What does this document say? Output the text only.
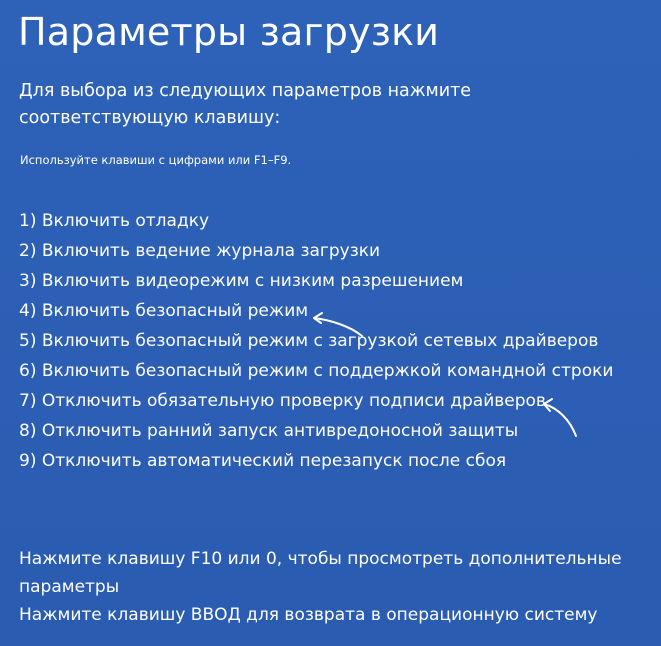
Параметры загрузки

Для выбора из следующих параметров нажмите соответствующую клавишу:

Используйте клавиши с цифрами или F1–F9.

1) Включить отладку
2) Включить ведение журнала загрузки
3) Включить видеорежим с низким разрешением
4) Включить безопасный режим
5) Включить безопасный режим с загрузкой сетевых драйверов
6) Включить безопасный режим с поддержкой командной строки
7) Отключить обязательную проверку подписи драйверов
8) Отключить ранний запуск антивредоносной защиты
9) Отключить автоматический перезапуск после сбоя
Нажмите клавишу F10 или 0, чтобы просмотреть дополнительные параметры
Нажмите клавишу ВВОД для возврата в операционную систему
